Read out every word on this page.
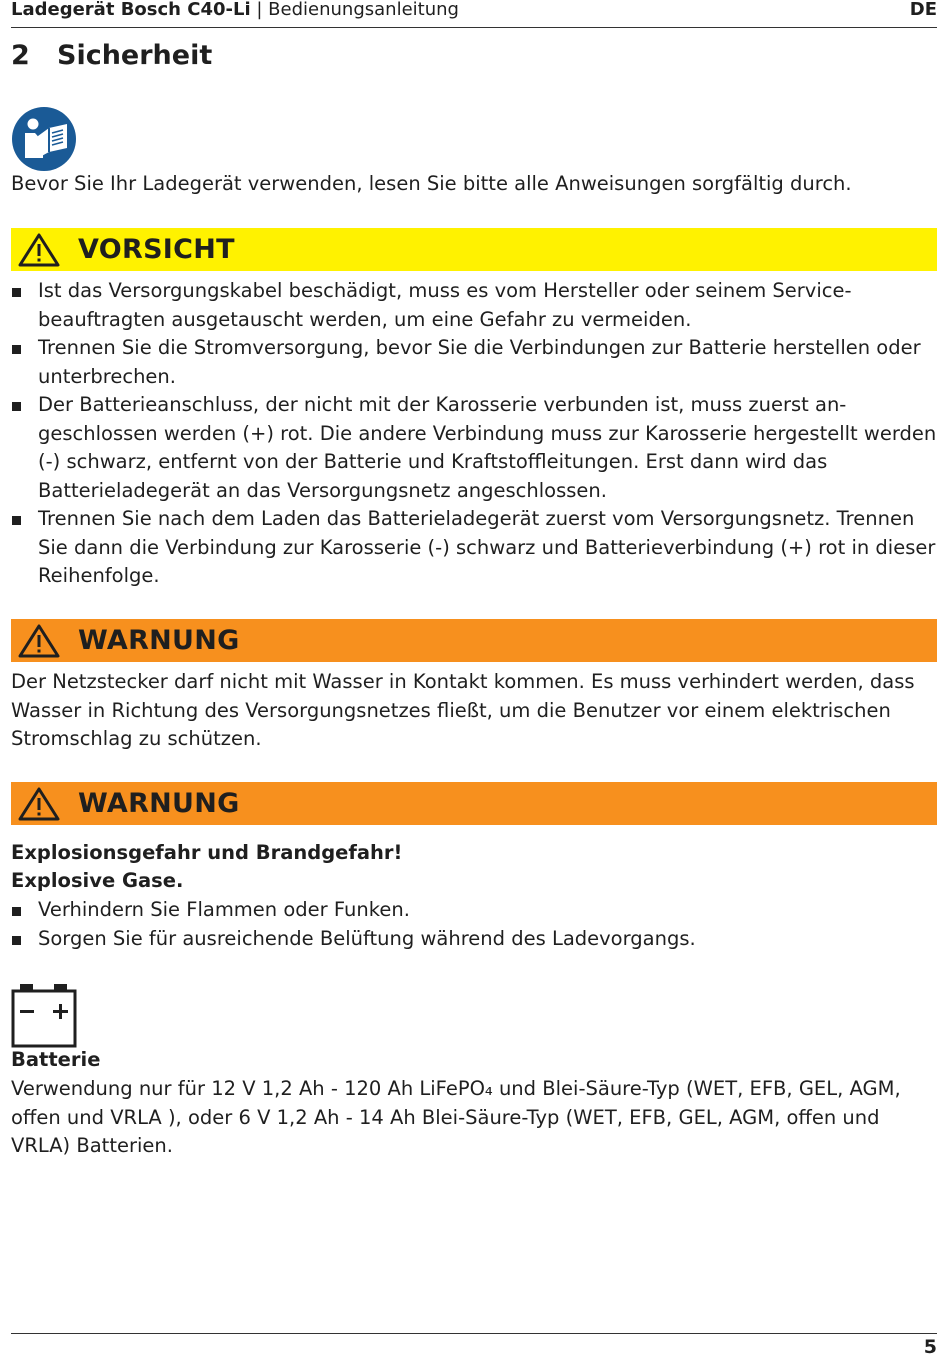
Ladegerät Bosch C40-Li | Bedienungsanleitung	DE
2 Sicherheit
Bevor Sie Ihr Ladegerät verwenden, lesen Sie bitte alle Anweisungen sorgfältig durch.
VORSICHT
Ist das Versorgungskabel beschädigt, muss es vom Hersteller oder seinem Service-beauftragten ausgetauscht werden, um eine Gefahr zu vermeiden.
Trennen Sie die Stromversorgung, bevor Sie die Verbindungen zur Batterie herstellen oder unterbrechen.
Der Batterieanschluss, der nicht mit der Karosserie verbunden ist, muss zuerst an-geschlossen werden (+) rot. Die andere Verbindung muss zur Karosserie hergestellt werden (-) schwarz, entfernt von der Batterie und Kraftstoffleitungen. Erst dann wird das Batterieladegerät an das Versorgungsnetz angeschlossen.
Trennen Sie nach dem Laden das Batterieladegerät zuerst vom Versorgungsnetz. Trennen Sie dann die Verbindung zur Karosserie (-) schwarz und Batterieverbindung (+) rot in dieser Reihenfolge.
WARNUNG
Der Netzstecker darf nicht mit Wasser in Kontakt kommen. Es muss verhindert werden, dass Wasser in Richtung des Versorgungsnetzes fließt, um die Benutzer vor einem elektrischen Stromschlag zu schützen.
WARNUNG
Explosionsgefahr und Brandgefahr!
Explosive Gase.
Verhindern Sie Flammen oder Funken.
Sorgen Sie für ausreichende Belüftung während des Ladevorgangs.
Batterie
Verwendung nur für 12 V 1,2 Ah - 120 Ah LiFePO₄ und Blei-Säure-Typ (WET, EFB, GEL, AGM, offen und VRLA ), oder 6 V 1,2 Ah - 14 Ah Blei-Säure-Typ (WET, EFB, GEL, AGM, offen und VRLA) Batterien.
5
